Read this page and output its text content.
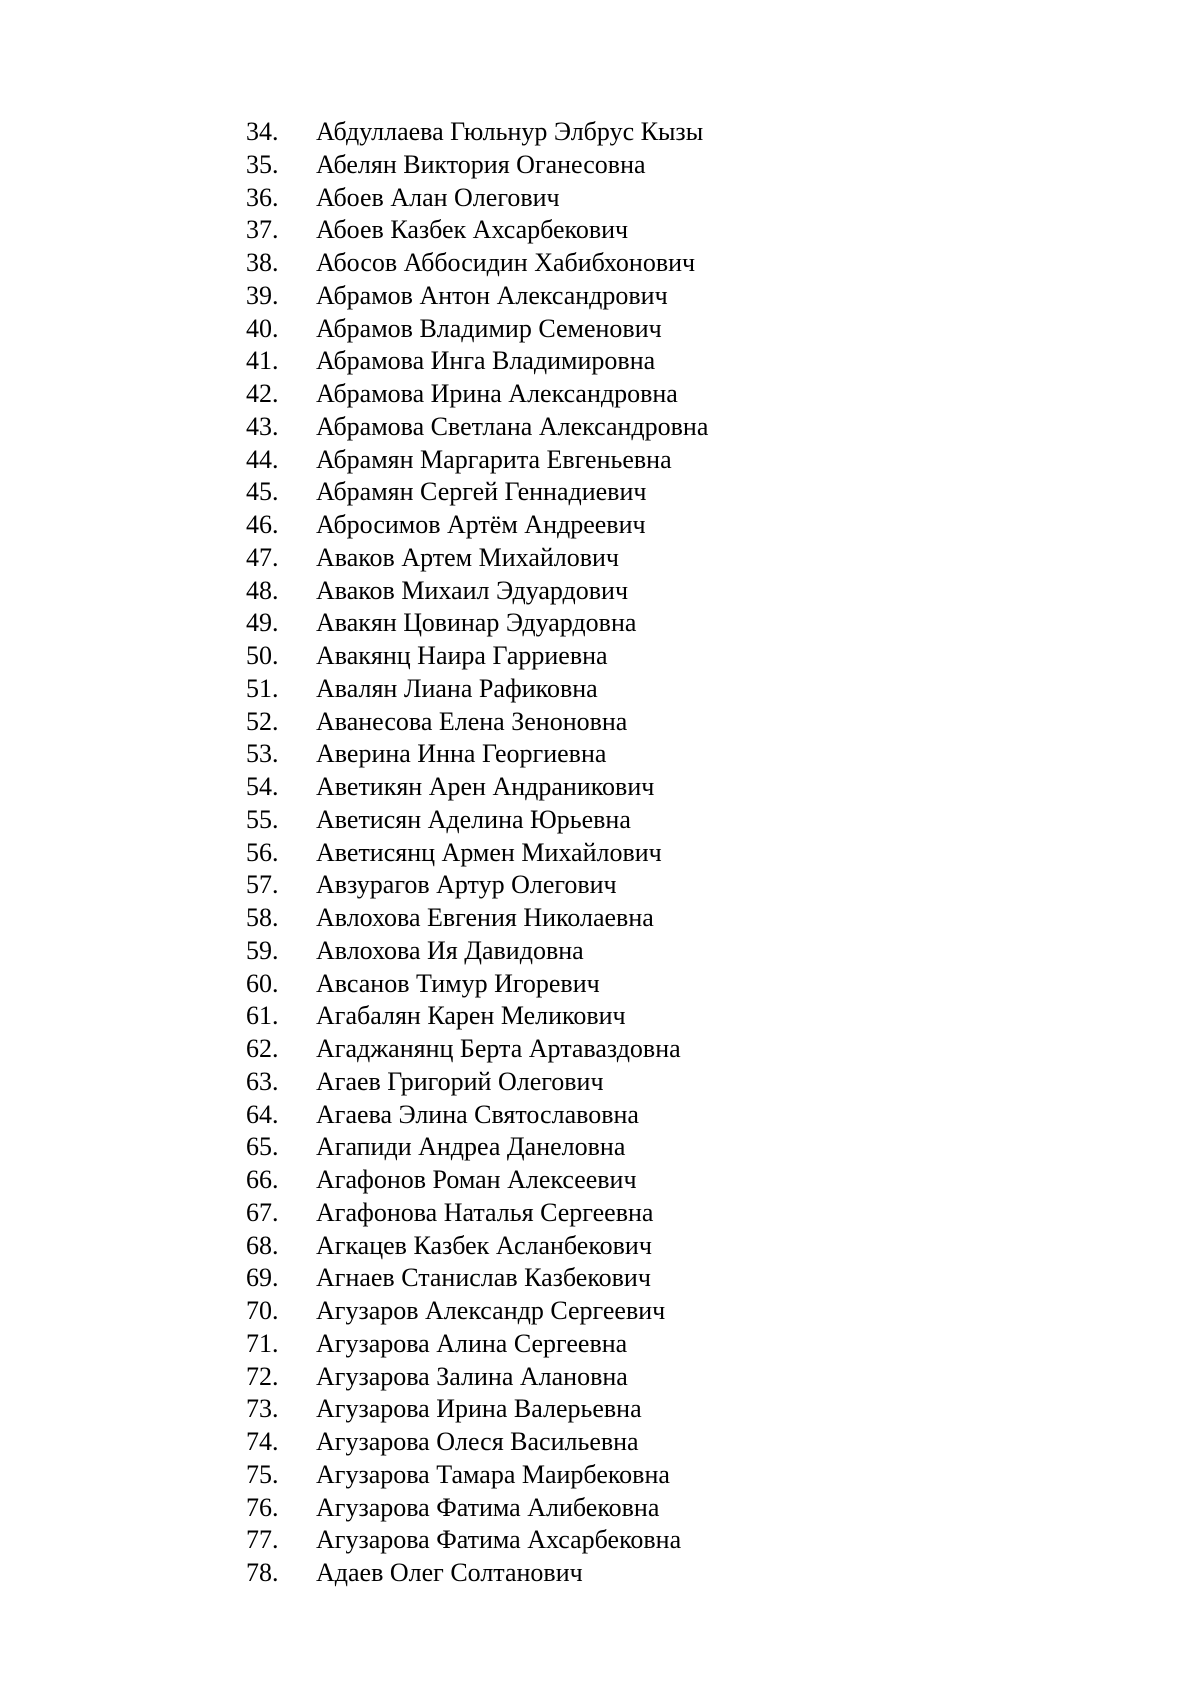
34.	Абдуллаева Гюльнур Элбрус Кызы
35.	Абелян Виктория Оганесовна
36.	Абоев Алан Олегович
37.	Абоев Казбек Ахсарбекович
38.	Абосов Аббосидин Хабибхонович
39.	Абрамов Антон Александрович
40.	Абрамов Владимир Семенович
41.	Абрамова Инга Владимировна
42.	Абрамова Ирина Александровна
43.	Абрамова Светлана Александровна
44.	Абрамян Маргарита Евгеньевна
45.	Абрамян Сергей Геннадиевич
46.	Абросимов Артём Андреевич
47.	Аваков Артем Михайлович
48.	Аваков Михаил Эдуардович
49.	Авакян Цовинар Эдуардовна
50.	Авакянц Наира Гарриевна
51.	Авалян Лиана Рафиковна
52.	Аванесова Елена Зеноновна
53.	Аверина Инна Георгиевна
54.	Аветикян Арен Андраникович
55.	Аветисян Аделина Юрьевна
56.	Аветисянц Армен Михайлович
57.	Авзурагов Артур Олегович
58.	Авлохова Евгения Николаевна
59.	Авлохова Ия Давидовна
60.	Авсанов Тимур Игоревич
61.	Агабалян Карен Меликович
62.	Агаджанянц Берта Артаваздовна
63.	Агаев Григорий Олегович
64.	Агаева Элина Святославовна
65.	Агапиди Андреа Данеловна
66.	Агафонов Роман Алексеевич
67.	Агафонова Наталья Сергеевна
68.	Агкацев Казбек Асланбекович
69.	Агнаев Станислав Казбекович
70.	Агузаров Александр Сергеевич
71.	Агузарова Алина Сергеевна
72.	Агузарова Залина Алановна
73.	Агузарова Ирина Валерьевна
74.	Агузарова Олеся Васильевна
75.	Агузарова Тамара Маирбековна
76.	Агузарова Фатима Алибековна
77.	Агузарова Фатима Ахсарбековна
78.	Адаев Олег Солтанович
